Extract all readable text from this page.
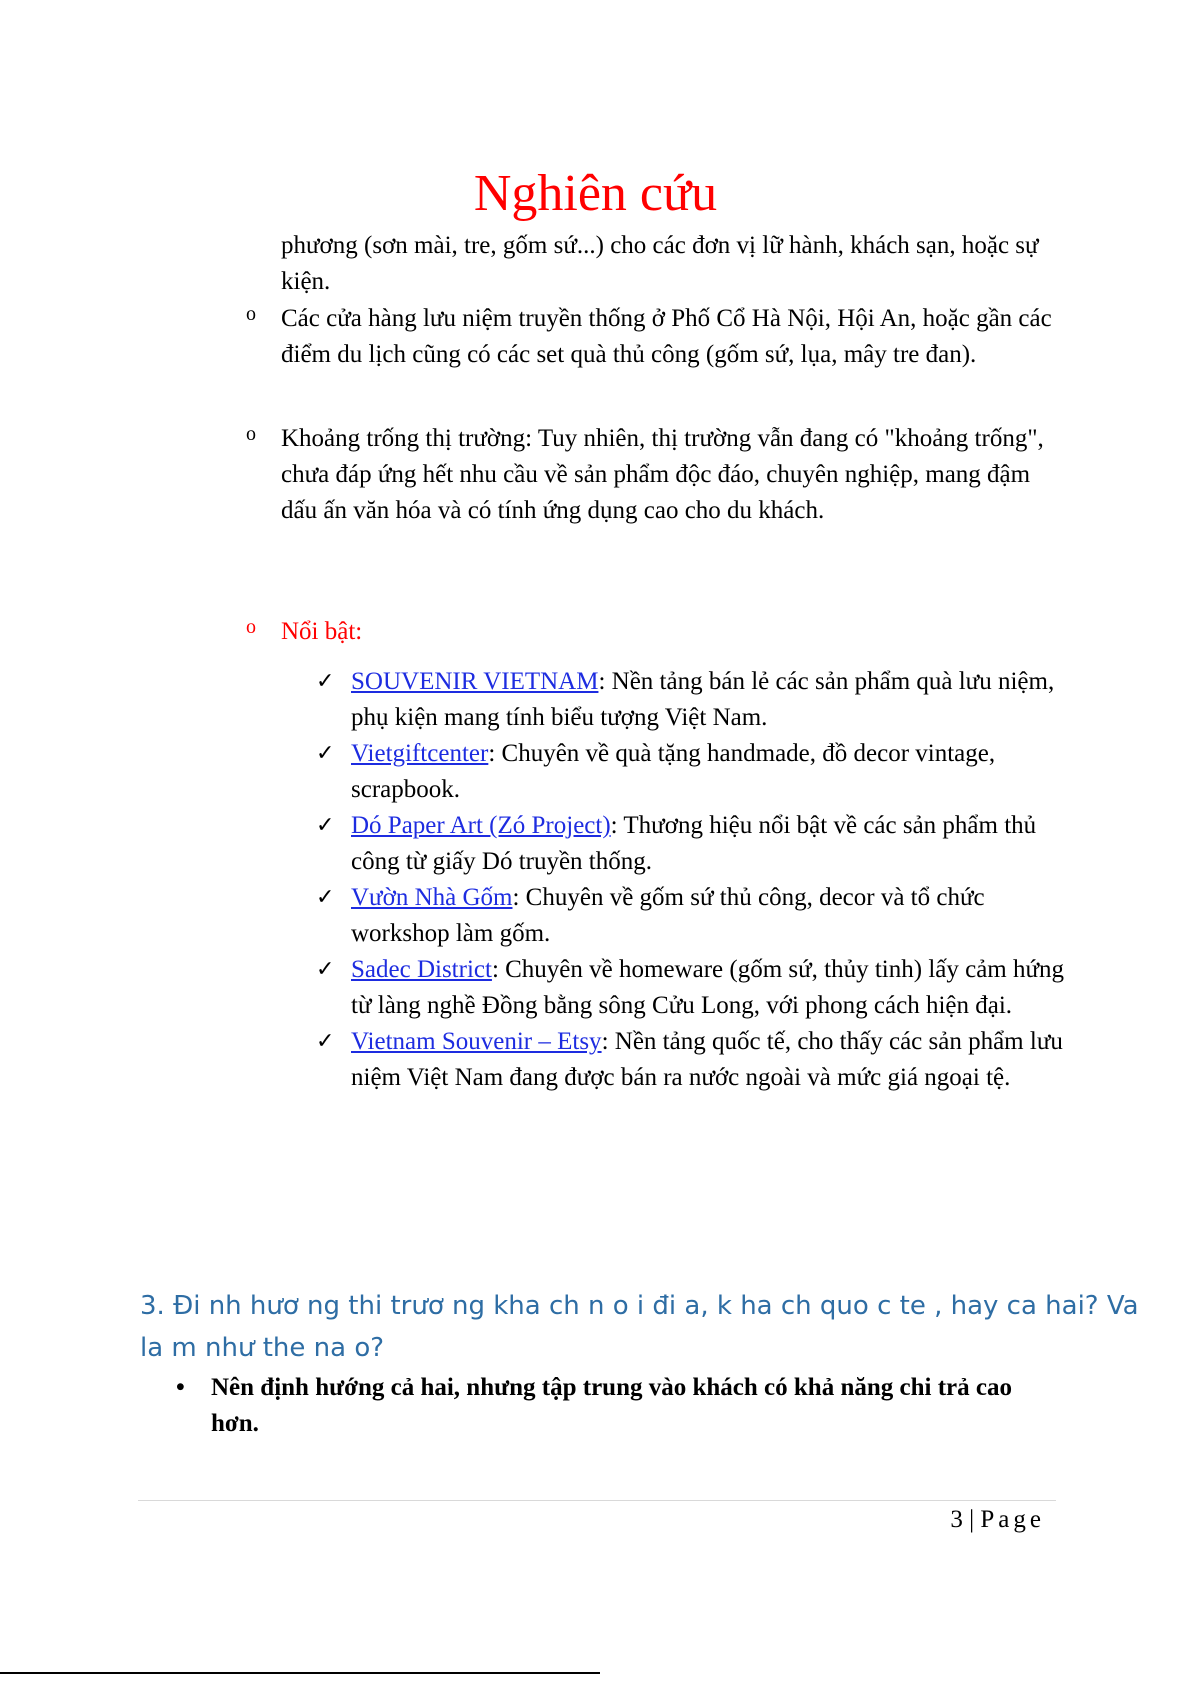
Nghiên cứu
phương (sơn mài, tre, gốm sứ...) cho các đơn vị lữ hành, khách sạn, hoặc sự kiện.
o	Các cửa hàng lưu niệm truyền thống ở Phố Cổ Hà Nội, Hội An, hoặc gần các điểm du lịch cũng có các set quà thủ công (gốm sứ, lụa, mây tre đan).
o	Khoảng trống thị trường: Tuy nhiên, thị trường vẫn đang có "khoảng trống", chưa đáp ứng hết nhu cầu về sản phẩm độc đáo, chuyên nghiệp, mang đậm dấu ấn văn hóa và có tính ứng dụng cao cho du khách.
o	Nổi bật:
✓ SOUVENIR VIETNAM: Nền tảng bán lẻ các sản phẩm quà lưu niệm, phụ kiện mang tính biểu tượng Việt Nam.
✓ Vietgiftcenter: Chuyên về quà tặng handmade, đồ decor vintage, scrapbook.
✓ Dó Paper Art (Zó Project): Thương hiệu nổi bật về các sản phẩm thủ công từ giấy Dó truyền thống.
✓ Vườn Nhà Gốm: Chuyên về gốm sứ thủ công, decor và tổ chức workshop làm gốm.
✓ Sadec District: Chuyên về homeware (gốm sứ, thủy tinh) lấy cảm hứng từ làng nghề Đồng bằng sông Cửu Long, với phong cách hiện đại.
✓ Vietnam Souvenir – Etsy: Nền tảng quốc tế, cho thấy các sản phẩm lưu niệm Việt Nam đang được bán ra nước ngoài và mức giá ngoại tệ.
3. Đi nh hươ ng thi trươ ng kha ch n o i đi a, k ha ch quo c te , hay ca hai? Va la m như the na o?
•	Nên định hướng cả hai, nhưng tập trung vào khách có khả năng chi trả cao hơn.
3 | Page
